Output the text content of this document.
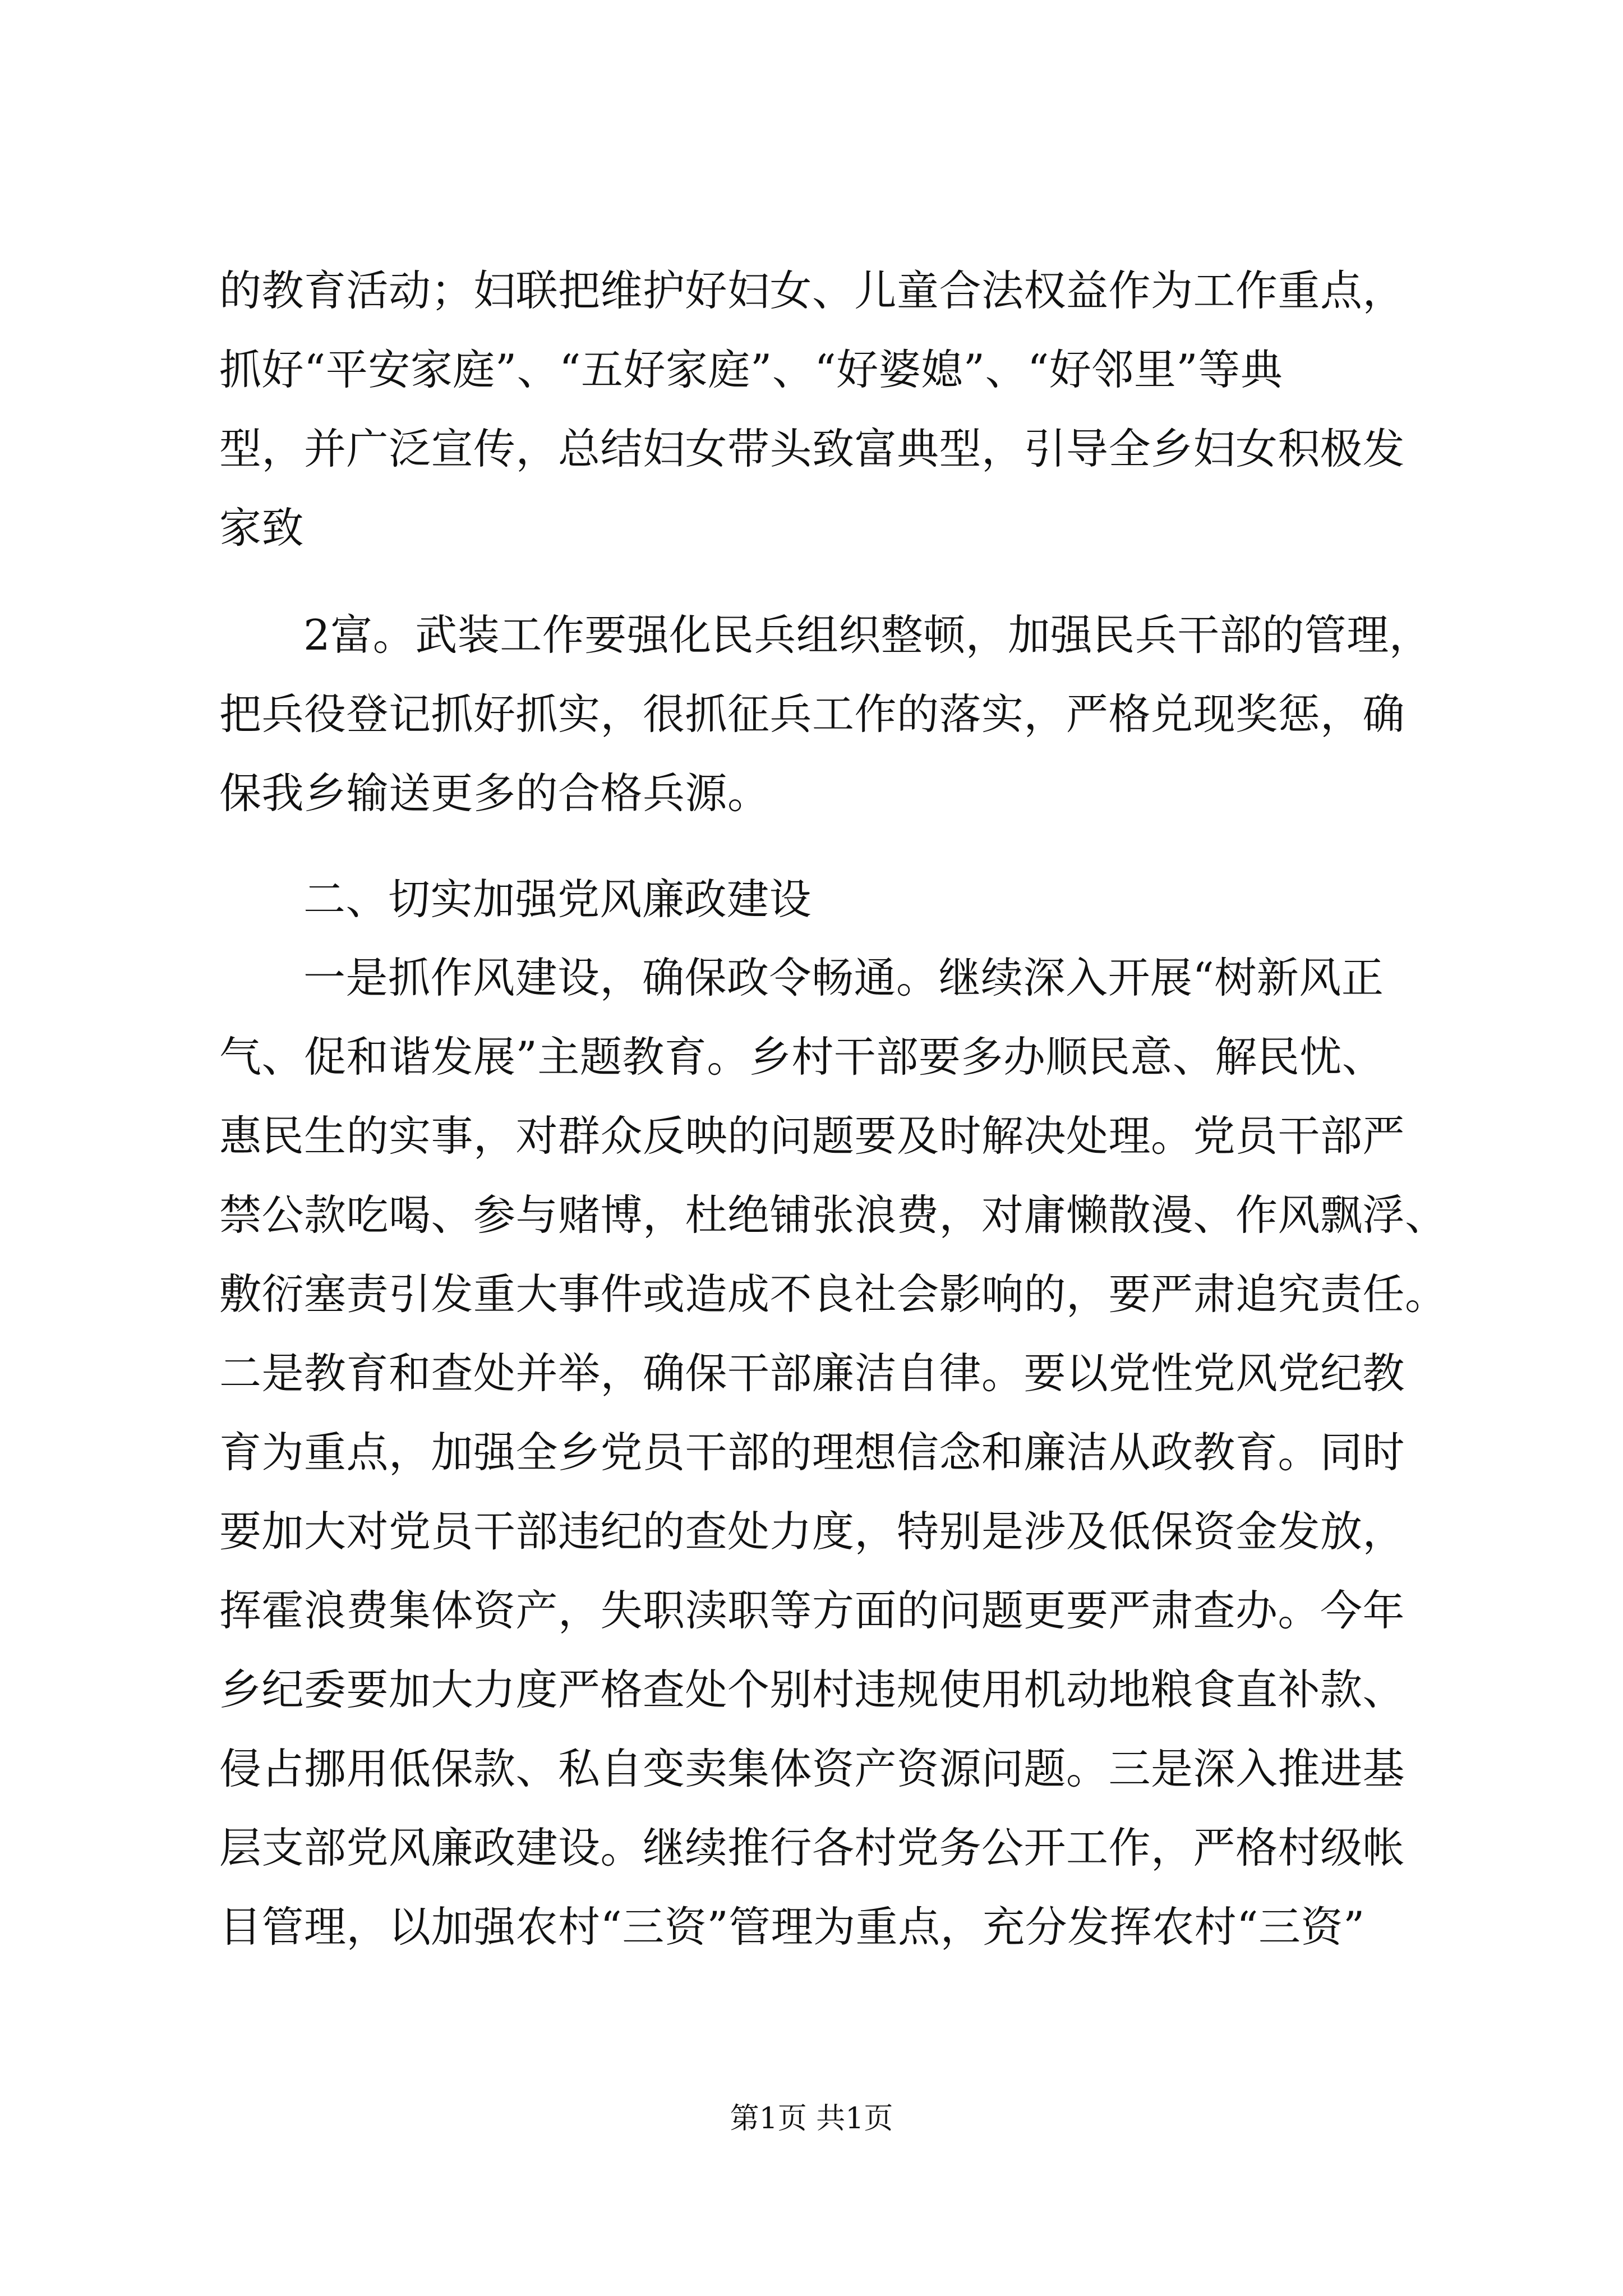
的教育活动；妇联把维护好妇女、儿童合法权益作为工作重点，
抓好“平安家庭”、“五好家庭”、“好婆媳”、“好邻里”等典
型，并广泛宣传，总结妇女带头致富典型，引导全乡妇女积极发
家致
2富。武装工作要强化民兵组织整顿，加强民兵干部的管理，
把兵役登记抓好抓实，很抓征兵工作的落实，严格兑现奖惩，确
保我乡输送更多的合格兵源。
二、切实加强党风廉政建设
一是抓作风建设，确保政令畅通。继续深入开展“树新风正
气、促和谐发展”主题教育。乡村干部要多办顺民意、解民忧、
惠民生的实事，对群众反映的问题要及时解决处理。党员干部严
禁公款吃喝、参与赌博，杜绝铺张浪费，对庸懒散漫、作风飘浮、
敷衍塞责引发重大事件或造成不良社会影响的，要严肃追究责任。
二是教育和查处并举，确保干部廉洁自律。要以党性党风党纪教
育为重点，加强全乡党员干部的理想信念和廉洁从政教育。同时
要加大对党员干部违纪的查处力度，特别是涉及低保资金发放，
挥霍浪费集体资产，失职渎职等方面的问题更要严肃查办。今年
乡纪委要加大力度严格查处个别村违规使用机动地粮食直补款、
侵占挪用低保款、私自变卖集体资产资源问题。三是深入推进基
层支部党风廉政建设。继续推行各村党务公开工作，严格村级帐
目管理，以加强农村“三资”管理为重点，充分发挥农村“三资”
第1页 共1页
